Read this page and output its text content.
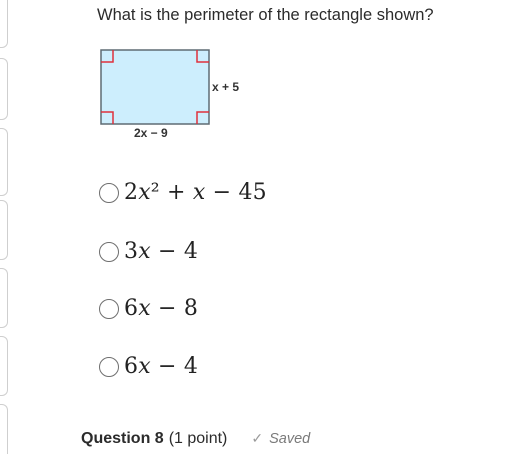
What is the perimeter of the rectangle shown?
x + 5
2x − 9
2𝑥² + 𝑥 − 45
3𝑥 − 4
6𝑥 − 8
6𝑥 − 4
Question 8 (1 point) ✓ Saved
